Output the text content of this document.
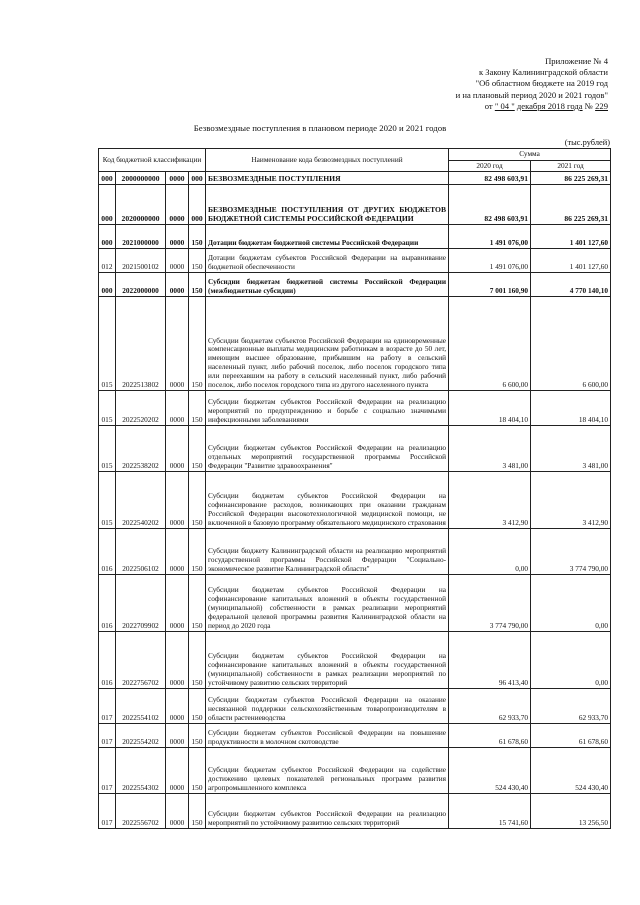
Приложение № 4
к Закону Калининградской области
"Об областном бюджете на 2019 год
и на плановый период 2020 и 2021 годов"
от " 04 " декабря 2018 года № 229
Безвозмездные поступления в плановом периоде 2020 и 2021 годов
(тыс.рублей)
Код бюджетной классификации				Наименование кода безвозмездных поступлений	Сумма	
					2020 год	2021 год
000	2000000000	0000	000	БЕЗВОЗМЕЗДНЫЕ ПОСТУПЛЕНИЯ	82 498 603,91	86 225 269,31
000	2020000000	0000	000	БЕЗВОЗМЕЗДНЫЕ ПОСТУПЛЕНИЯ ОТ ДРУГИХ БЮДЖЕТОВ БЮДЖЕТНОЙ СИСТЕМЫ РОССИЙСКОЙ ФЕДЕРАЦИИ	82 498 603,91	86 225 269,31
000	2021000000	0000	150	Дотации бюджетам бюджетной системы Российской Федерации	1 491 076,00	1 401 127,60
012	2021500102	0000	150	Дотации бюджетам субъектов Российской Федерации на выравнивание бюджетной обеспеченности	1 491 076,00	1 401 127,60
000	2022000000	0000	150	Субсидии бюджетам бюджетной системы Российской Федерации (межбюджетные субсидии)	7 001 160,90	4 770 140,10
015	2022513802	0000	150	Субсидии бюджетам субъектов Российской Федерации на единовременные компенсационные выплаты медицинским работникам в возрасте до 50 лет, имеющим высшее образование, прибывшим на работу в сельский населенный пункт, либо рабочий поселок, либо поселок городского типа или переехавшим на работу в сельский населенный пункт, либо рабочий поселок, либо поселок городского типа из другого населенного пункта	6 600,00	6 600,00
015	2022520202	0000	150	Субсидии бюджетам субъектов Российской Федерации на реализацию мероприятий по предупреждению и борьбе с социально значимыми инфекционными заболеваниями	18 404,10	18 404,10
015	2022538202	0000	150	Субсидии бюджетам субъектов Российской Федерации на реализацию отдельных мероприятий государственной программы Российской Федерации "Развитие здравоохранения"	3 481,00	3 481,00
015	2022540202	0000	150	Субсидии бюджетам субъектов Российской Федерации на софинансирование расходов, возникающих при оказании гражданам Российской Федерации высокотехнологичной медицинской помощи, не включенной в базовую программу обязательного медицинского страхования	3 412,90	3 412,90
016	2022506102	0000	150	Субсидии бюджету Калининградской области на реализацию мероприятий государственной программы Российской Федерации "Социально-экономическое развитие Калининградской области"	0,00	3 774 790,00
016	2022709902	0000	150	Субсидии бюджетам субъектов Российской Федерации на софинансирование капитальных вложений в объекты государственной (муниципальной) собственности в рамках реализации мероприятий федеральной целевой программы развития Калининградской области на период до 2020 года	3 774 790,00	0,00
016	2022756702	0000	150	Субсидии бюджетам субъектов Российской Федерации на софинансирование капитальных вложений в объекты государственной (муниципальной) собственности в рамках реализации мероприятий по устойчивому развитию сельских территорий	96 413,40	0,00
017	2022554102	0000	150	Субсидии бюджетам субъектов Российской Федерации на оказание несвязанной поддержки сельскохозяйственным товаропроизводителям в области растениеводства	62 933,70	62 933,70
017	2022554202	0000	150	Субсидии бюджетам субъектов Российской Федерации на повышение продуктивности в молочном скотоводстве	61 678,60	61 678,60
017	2022554302	0000	150	Субсидии бюджетам субъектов Российской Федерации на содействие достижению целевых показателей региональных программ развития агропромышленного комплекса	524 430,40	524 430,40
017	2022556702	0000	150	Субсидии бюджетам субъектов Российской Федерации на реализацию мероприятий по устойчивому развитию сельских территорий	15 741,60	13 256,50
